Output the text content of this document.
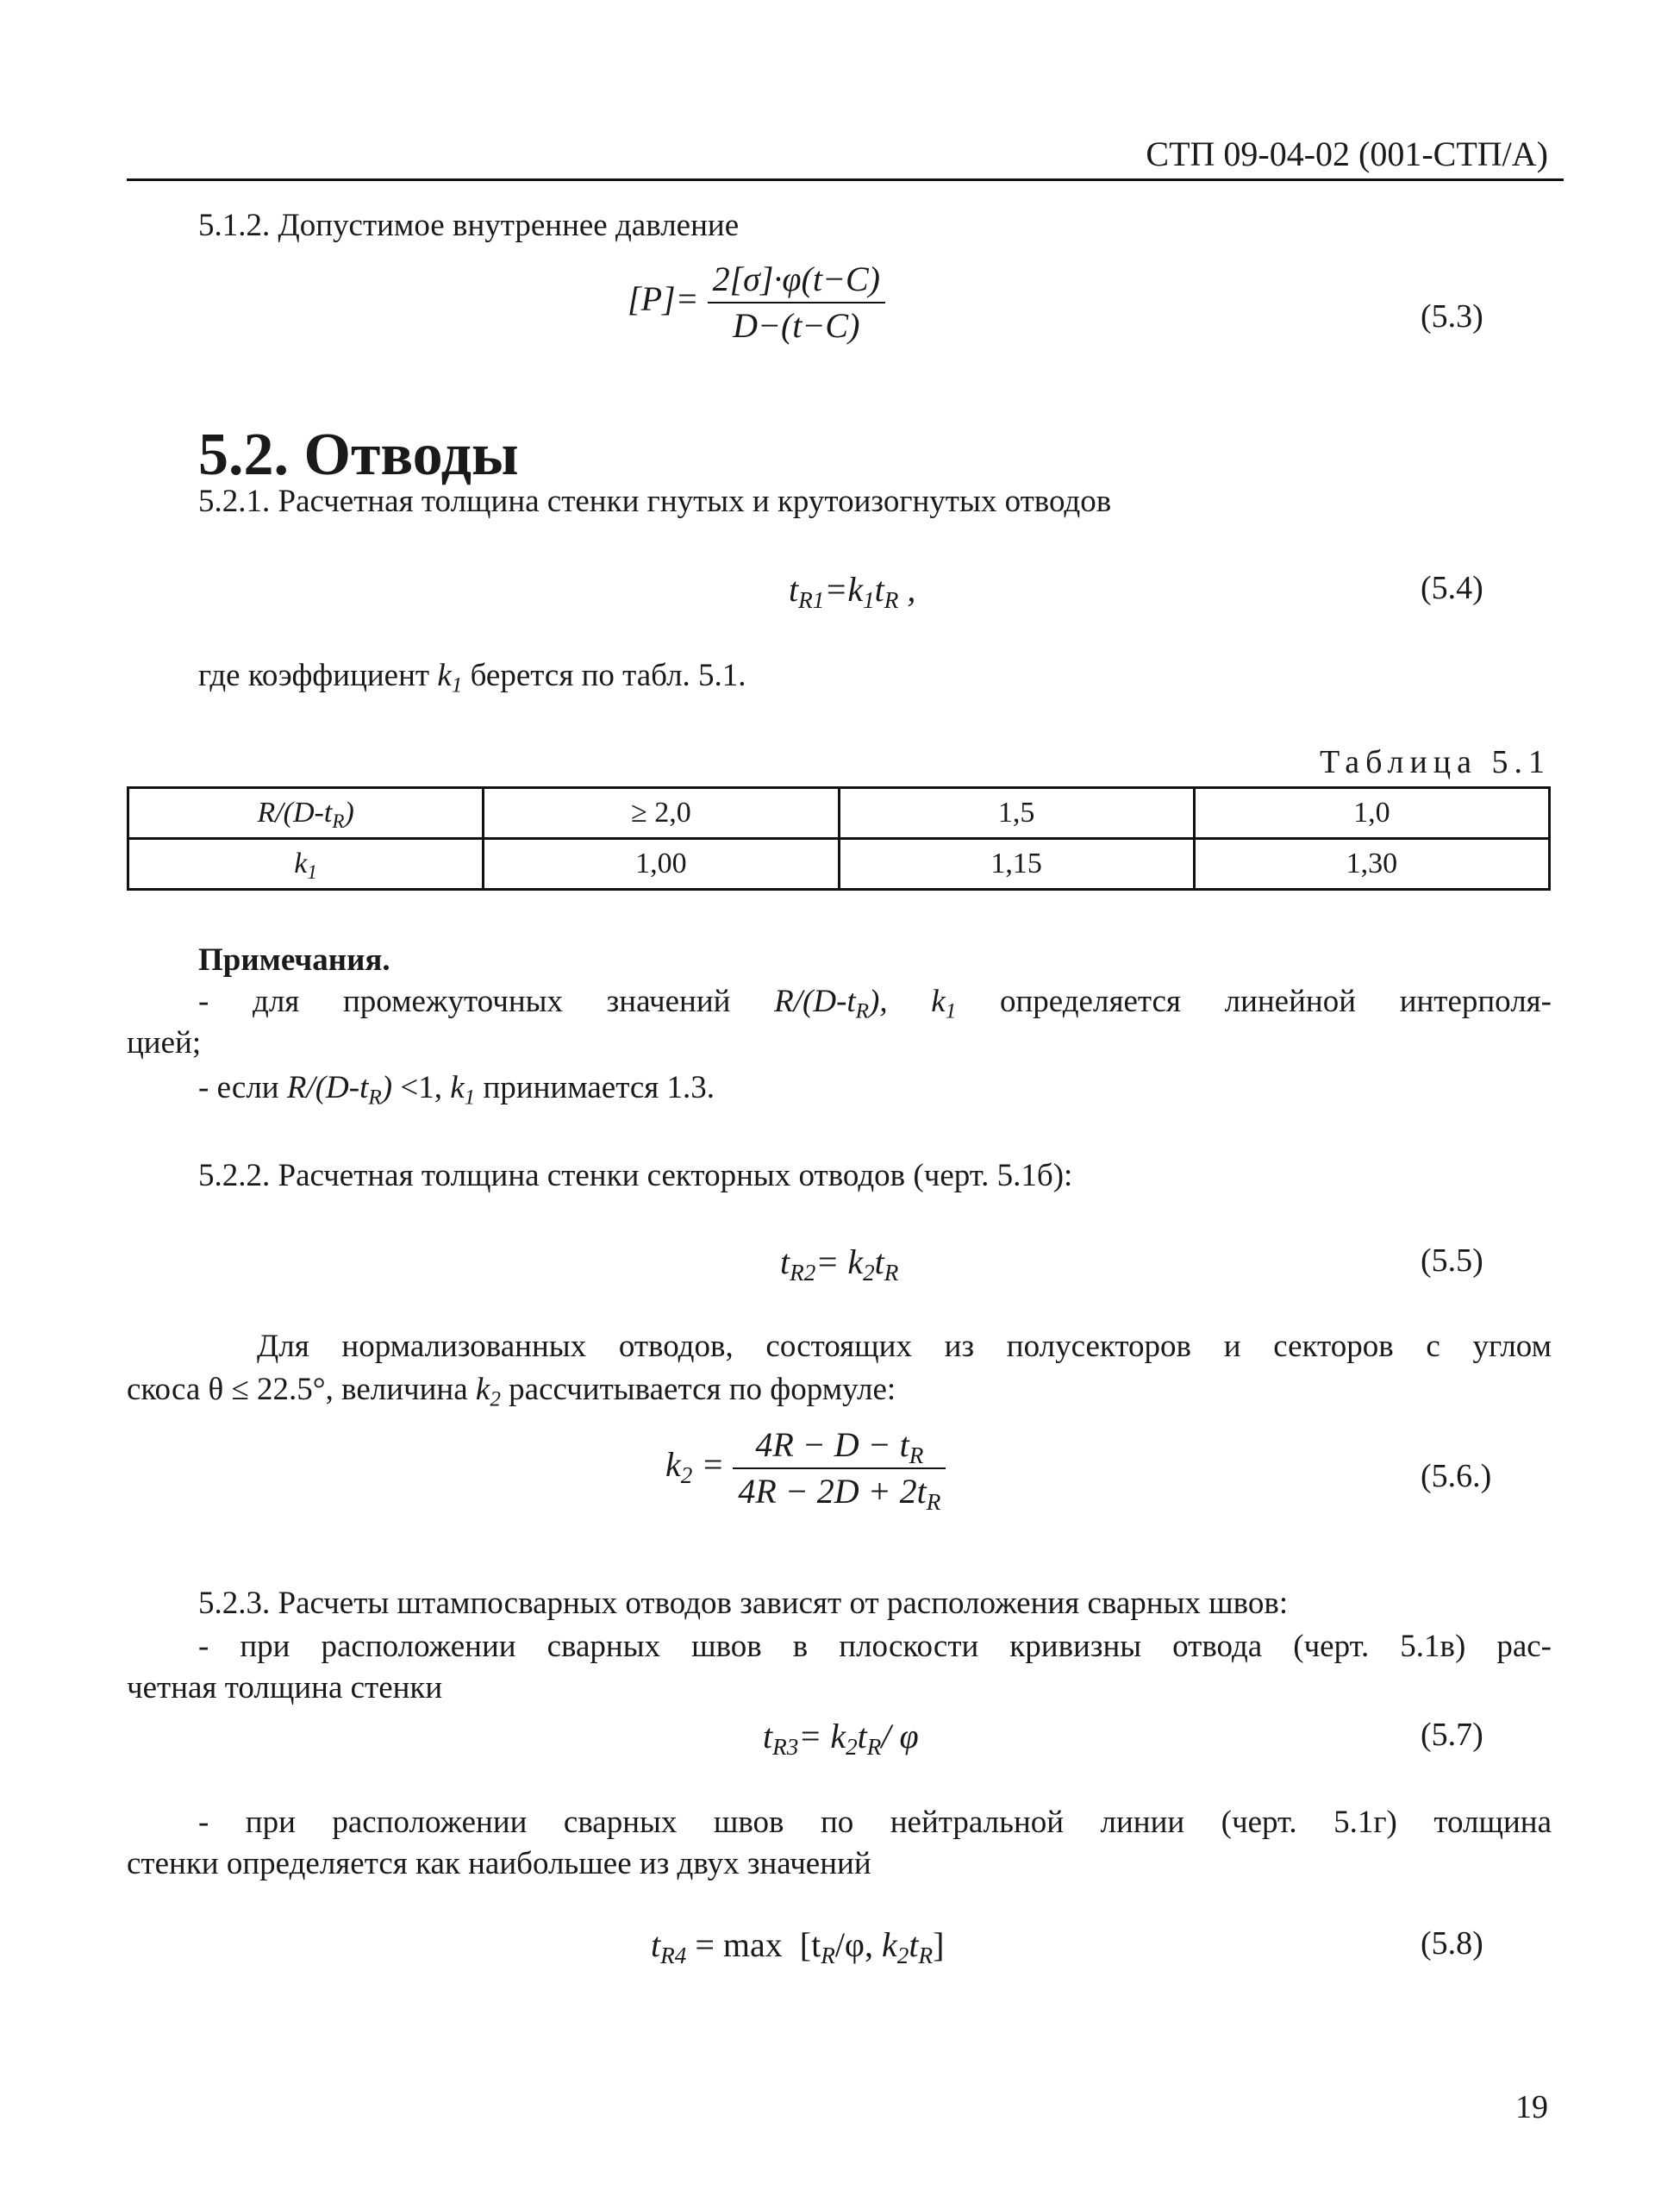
СТП 09-04-02 (001-СТП/А)
5.1.2. Допустимое внутреннее давление
$[P]= \frac{2[\sigma]\cdot\varphi(t-C)}{D-(t-C)}$	(5.3)
5.2. Отводы
5.2.1. Расчетная толщина стенки гнутых и крутоизогнутых отводов
$t_{R1}=k_1t_R$ ,	(5.4)
где коэффициент $k_1$ берется по табл. 5.1.
Таблица 5.1
$R/(D-t_R)$	≥ 2,0	1,5	1,0
$k_1$	1,00	1,15	1,30
Примечания.
- для промежуточных значений $R/(D-t_R)$, $k_1$ определяется линейной интерполя-
цией;
- если $R/(D-t_R) <1$, $k_1$ принимается 1.3.
5.2.2. Расчетная толщина стенки секторных отводов (черт. 5.1б):
$t_{R2}= k_2t_R$	(5.5)
Для нормализованных отводов, состоящих из полусекторов и секторов с углом
скоса θ ≤ 22.5°, величина $k_2$ рассчитывается по формуле:
$k_2 = \frac{4R - D - t_R}{4R - 2D + 2t_R}$	(5.6.)
5.2.3. Расчеты штампосварных отводов зависят от расположения сварных швов:
- при расположении сварных швов в плоскости кривизны отвода (черт. 5.1в) рас-
четная толщина стенки
$t_{R3}= k_2t_R/$ φ	(5.7)
- при расположении сварных швов по нейтральной линии (черт. 5.1г) толщина
стенки определяется как наибольшее из двух значений
$t_{R4} = \max [t_R/\varphi$, $k_2t_R$]	(5.8)
19
